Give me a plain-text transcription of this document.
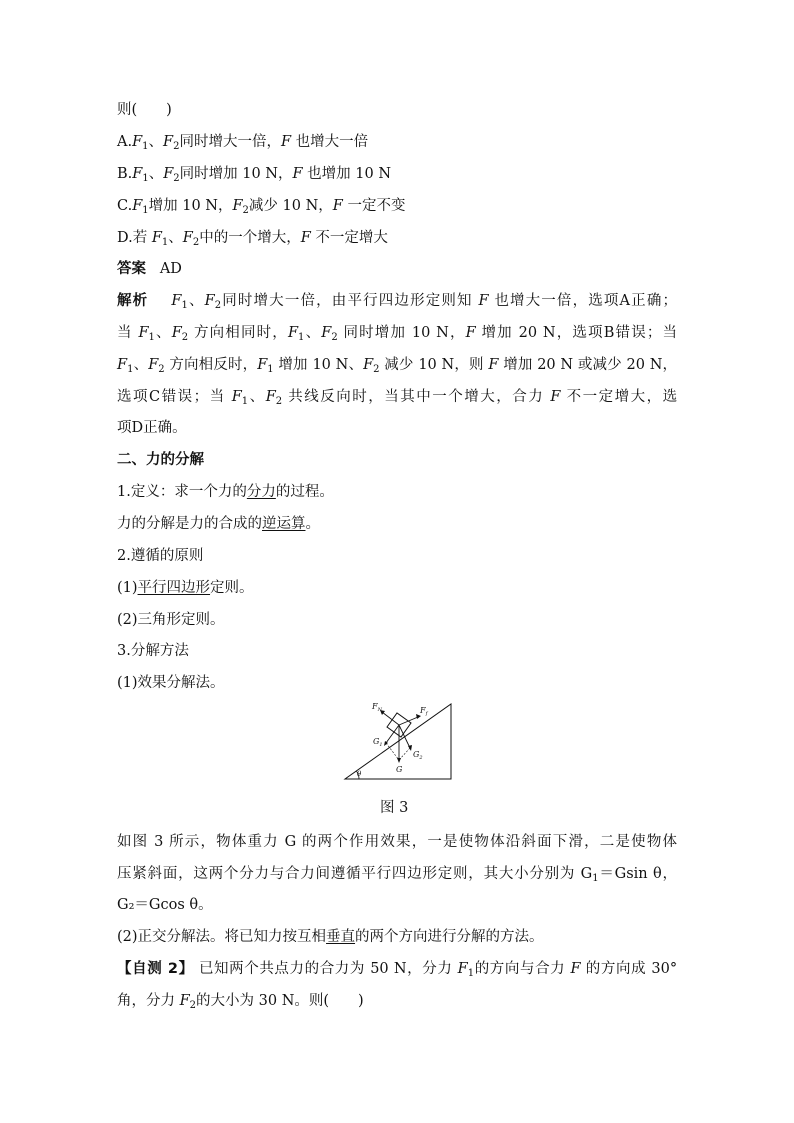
则(　　)
$A.F_1$、$F_2$同时增大一倍，F 也增大一倍
$B.F_1$、$F_2$同时增加 10 N，F 也增加 10 N
$C.F_1$增加 10 N，$F_2$减少 10 N，F 一定不变
D.若 $F_1$、$F_2$中的一个增大，F 不一定增大
答案 AD
解析 $F_1$、$F_2$同时增大一倍，由平行四边形定则知 F 也增大一倍，选项A正确；
当 $F_1$、$F_2$ 方向相同时，$F_1$、$F_2$ 同时增加 10 N，F 增加 20 N，选项B错误；当
$F_1$、$F_2$ 方向相反时，$F_1$ 增加 10 N、$F_2$ 减少 10 N，则 F 增加 20 N 或减少 20 N，
选项C错误；当 $F_1$、$F_2$ 共线反向时，当其中一个增大，合力 F 不一定增大，选
项D正确。
二、力的分解
1.定义：求一个力的分力的过程。
力的分解是力的合成的逆运算。
2.遵循的原则
(1)平行四边形定则。
(2)三角形定则。
3.分解方法
(1)效果分解法。
θ
$F_N$	$F_f$
$G_1$
$G_2$
G
图 3
如图 3 所示，物体重力 G 的两个作用效果，一是使物体沿斜面下滑，二是使物体
压紧斜面，这两个分力与合力间遵循平行四边形定则，其大小分别为 $G_1=Gsin$ θ，
G₂＝Gcos θ。
(2)正交分解法。将已知力按互相垂直的两个方向进行分解的方法。
【自测 2】 已知两个共点力的合力为 50 N，分力 $F_1$的方向与合力 F 的方向成 30°
角，分力 $F_2$的大小为 30 N。则(　　)
